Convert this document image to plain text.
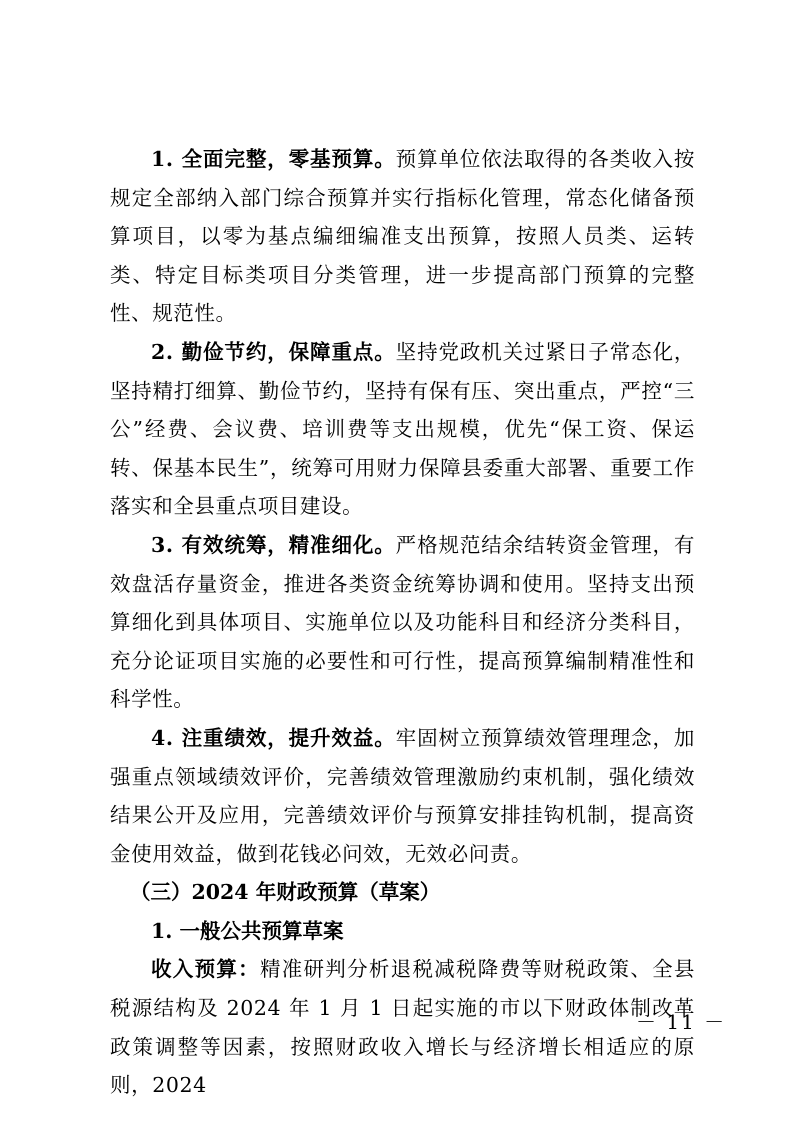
1. 全面完整，零基预算。预算单位依法取得的各类收入按规定全部纳入部门综合预算并实行指标化管理，常态化储备预算项目，以零为基点编细编准支出预算，按照人员类、运转类、特定目标类项目分类管理，进一步提高部门预算的完整性、规范性。

2. 勤俭节约，保障重点。坚持党政机关过紧日子常态化，坚持精打细算、勤俭节约，坚持有保有压、突出重点，严控“三公”经费、会议费、培训费等支出规模，优先“保工资、保运转、保基本民生”，统筹可用财力保障县委重大部署、重要工作落实和全县重点项目建设。

3. 有效统筹，精准细化。严格规范结余结转资金管理，有效盘活存量资金，推进各类资金统筹协调和使用。坚持支出预算细化到具体项目、实施单位以及功能科目和经济分类科目，充分论证项目实施的必要性和可行性，提高预算编制精准性和科学性。

4. 注重绩效，提升效益。牢固树立预算绩效管理理念，加强重点领域绩效评价，完善绩效管理激励约束机制，强化绩效结果公开及应用，完善绩效评价与预算安排挂钩机制，提高资金使用效益，做到花钱必问效，无效必问责。

（三）2024 年财政预算（草案）

1. 一般公共预算草案

收入预算：精准研判分析退税减税降费等财税政策、全县税源结构及 2024 年 1 月 1 日起实施的市以下财政体制改革政策调整等因素，按照财政收入增长与经济增长相适应的原则，2024

－ 11 －
